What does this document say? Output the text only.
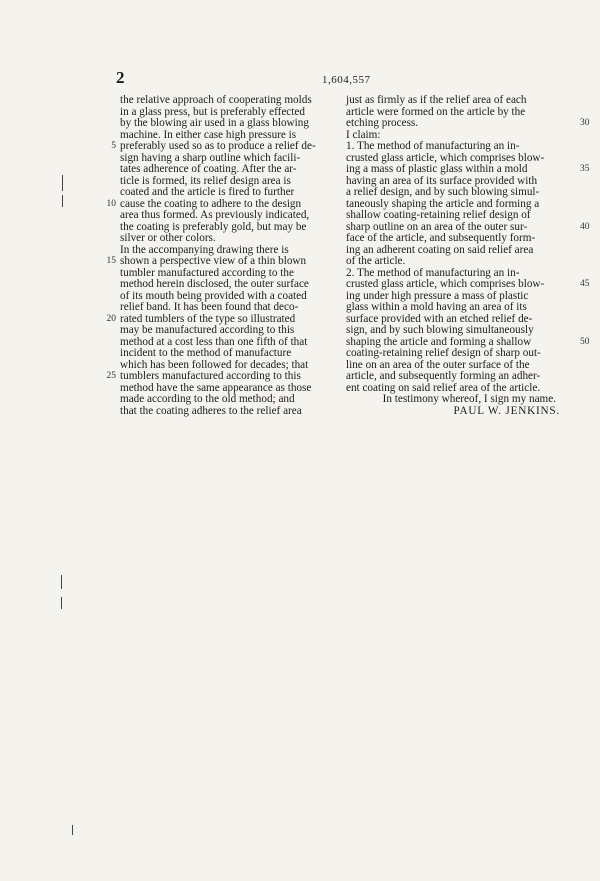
2	1,604,557
the relative approach of cooperating molds
in a glass press, but is preferably effected
by the blowing air used in a glass blowing
machine. In either case high pressure is
preferably used so as to produce a relief de-
5
sign having a sharp outline which facili-
tates adherence of coating. After the ar-
ticle is formed, its relief design area is
coated and the article is fired to further
cause the coating to adhere to the design
10
area thus formed. As previously indicated,
the coating is preferably gold, but may be
silver or other colors.
In the accompanying drawing there is
shown a perspective view of a thin blown
15
tumbler manufactured according to the
method herein disclosed, the outer surface
of its mouth being provided with a coated
relief band. It has been found that deco-
rated tumblers of the type so illustrated
20
may be manufactured according to this
method at a cost less than one fifth of that
incident to the method of manufacture
which has been followed for decades; that
tumblers manufactured according to this
25
method have the same appearance as those
made according to the old method; and
that the coating adheres to the relief area
just as firmly as if the relief area of each
article were formed on the article by the
etching process.	30
I claim:
1. The method of manufacturing an in-
crusted glass article, which comprises blow-
ing a mass of plastic glass within a mold	35
having an area of its surface provided with
a relief design, and by such blowing simul-
taneously shaping the article and forming a
shallow coating-retaining relief design of
sharp outline on an area of the outer sur-	40
face of the article, and subsequently form-
ing an adherent coating on said relief area
of the article.
2. The method of manufacturing an in-
crusted glass article, which comprises blow-	45
ing under high pressure a mass of plastic
glass within a mold having an area of its
surface provided with an etched relief de-
sign, and by such blowing simultaneously
shaping the article and forming a shallow	50
coating-retaining relief design of sharp out-
line on an area of the outer surface of the
article, and subsequently forming an adher-
ent coating on said relief area of the article.
In testimony whereof, I sign my name.
PAUL W. JENKINS.
